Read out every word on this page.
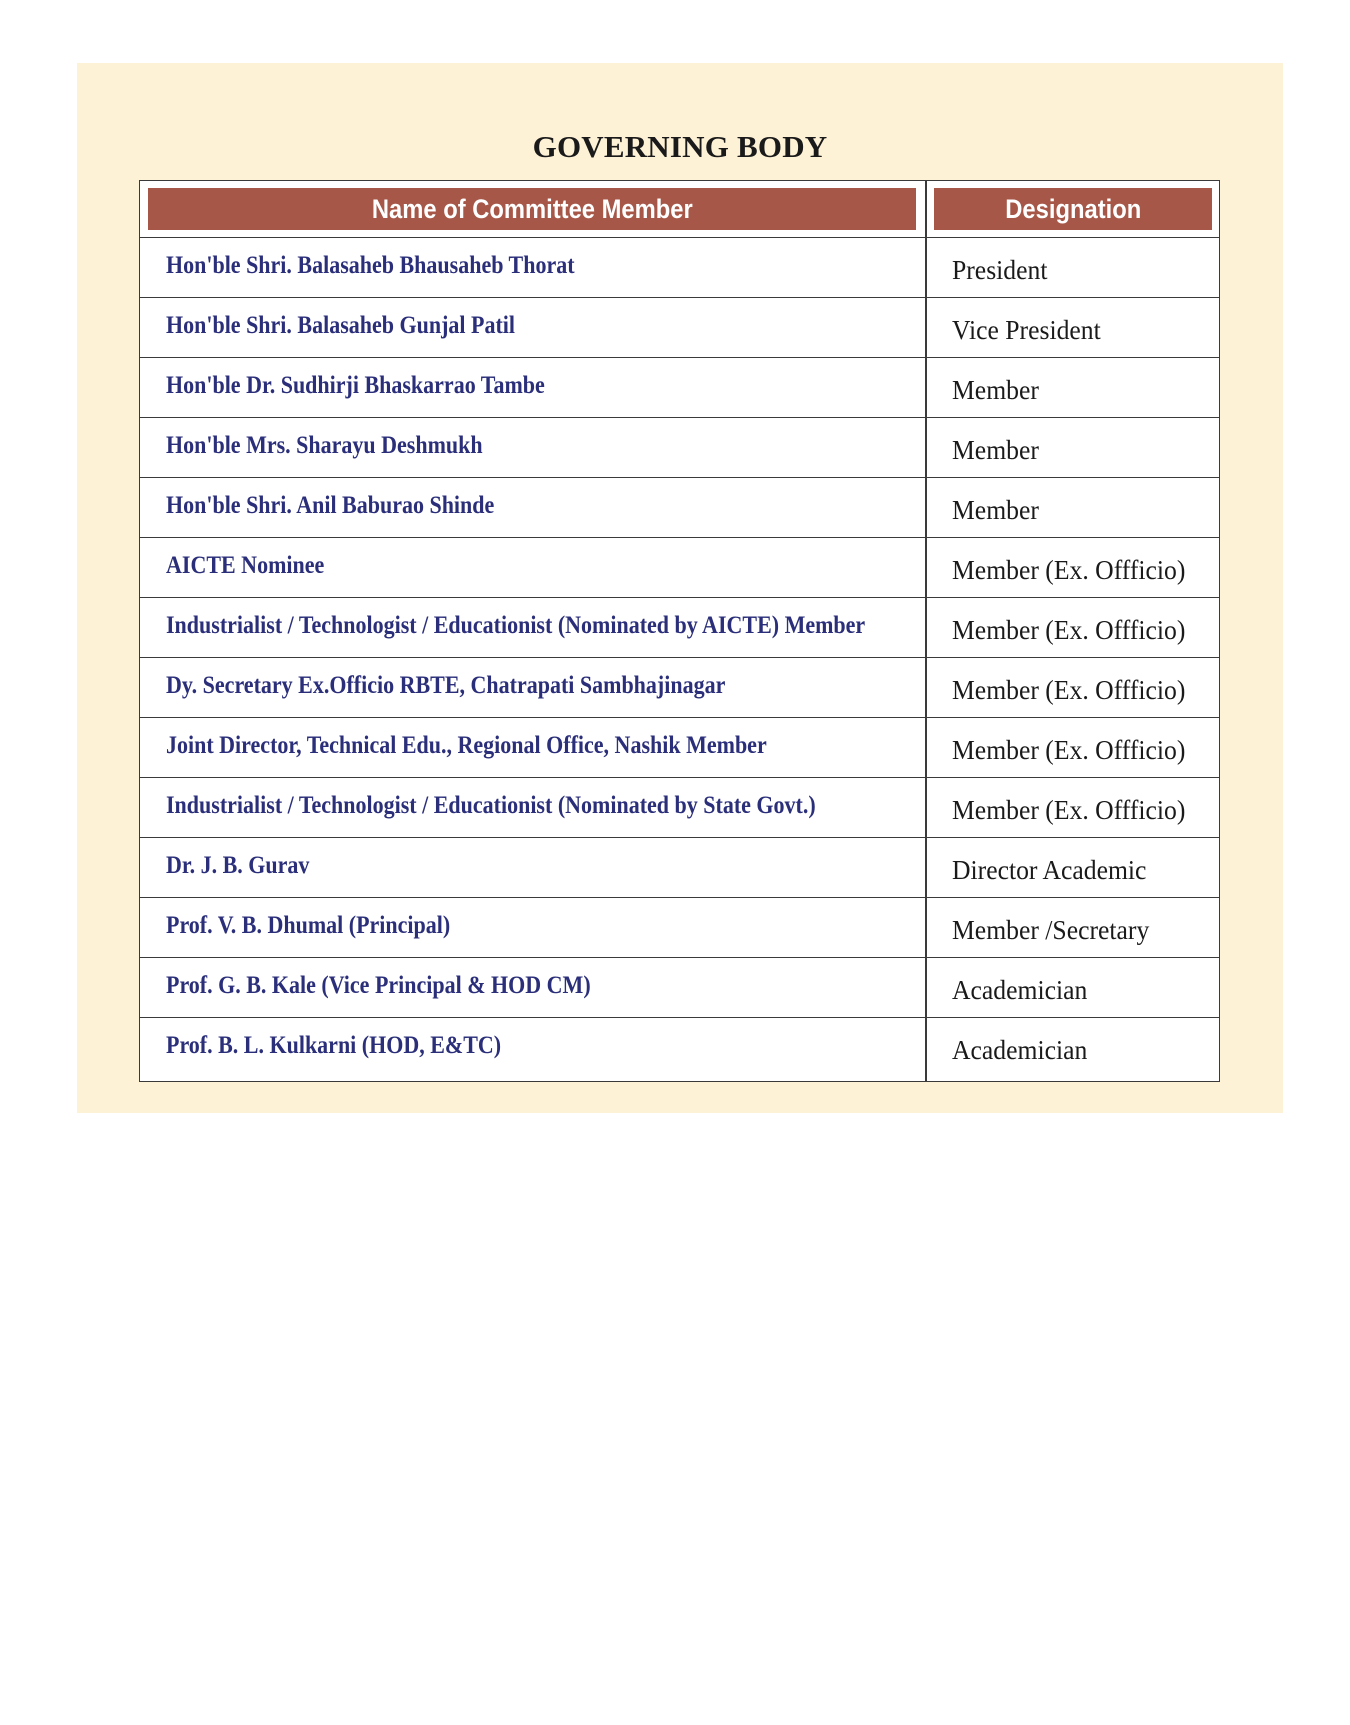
GOVERNING BODY
Name of Committee Member	Designation
Hon'ble Shri. Balasaheb Bhausaheb Thorat	President
Hon'ble Shri. Balasaheb Gunjal Patil	Vice President
Hon'ble Dr. Sudhirji Bhaskarrao Tambe	Member
Hon'ble Mrs. Sharayu Deshmukh	Member
Hon'ble Shri. Anil Baburao Shinde	Member
AICTE Nominee	Member (Ex. Offficio)
Industrialist / Technologist / Educationist (Nominated by AICTE) Member	Member (Ex. Offficio)
Dy. Secretary Ex.Officio RBTE, Chatrapati Sambhajinagar	Member (Ex. Offficio)
Joint Director, Technical Edu., Regional Office, Nashik Member	Member (Ex. Offficio)
Industrialist / Technologist / Educationist (Nominated by State Govt.)	Member (Ex. Offficio)
Dr. J. B. Gurav	Director Academic
Prof. V. B. Dhumal (Principal)	Member /Secretary
Prof. G. B. Kale (Vice Principal & HOD CM)	Academician
Prof. B. L. Kulkarni (HOD, E&TC)	Academician
